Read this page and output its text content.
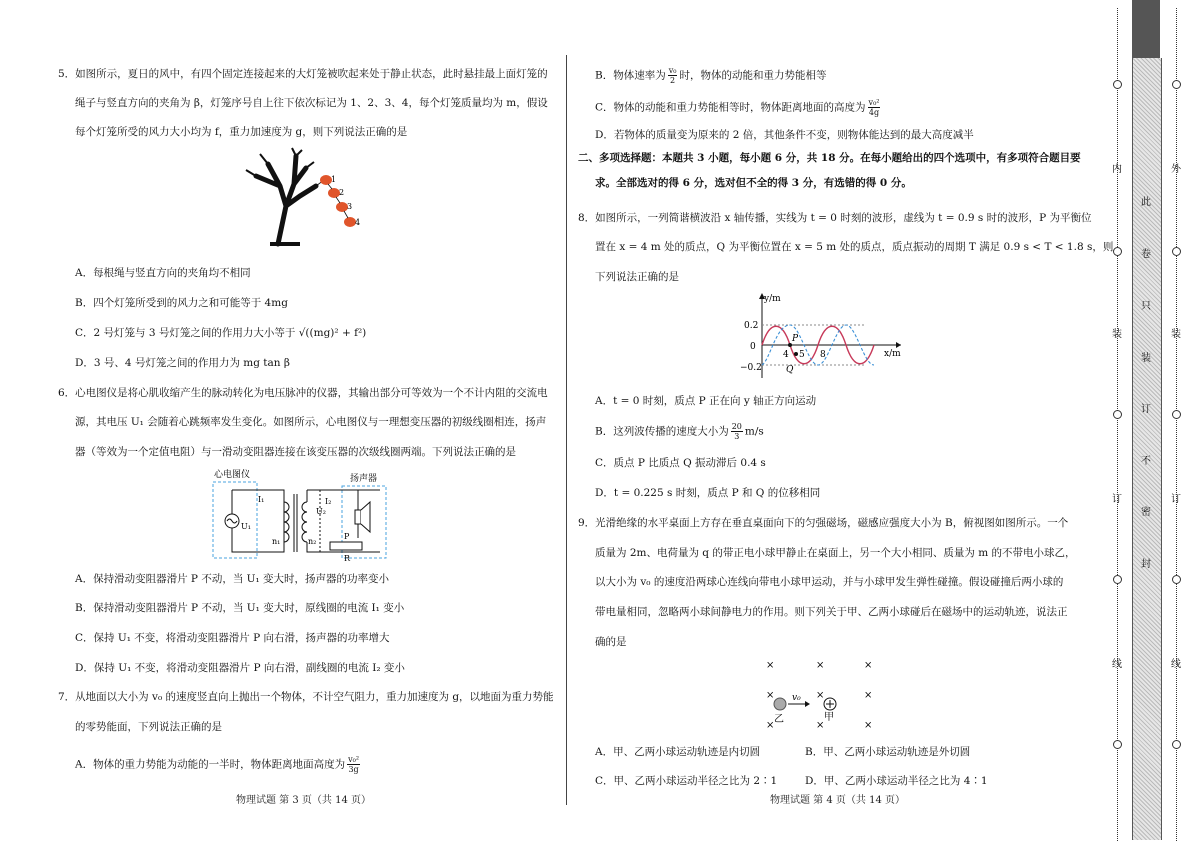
5．如图所示，夏日的风中，有四个固定连接起来的大灯笼被吹起来处于静止状态，此时悬挂最上面灯笼的
绳子与竖直方向的夹角为 β，灯笼序号自上往下依次标记为 1、2、3、4，每个灯笼质量均为 m，假设
每个灯笼所受的风力大小均为 f，重力加速度为 g，则下列说法正确的是
1
2
3
4
A．每根绳与竖直方向的夹角均不相同
B．四个灯笼所受到的风力之和可能等于 4mg
C．2 号灯笼与 3 号灯笼之间的作用力大小等于 √((mg)² + f²)
D．3 号、4 号灯笼之间的作用力为 mg tan β
6．心电图仪是将心肌收缩产生的脉动转化为电压脉冲的仪器，其输出部分可等效为一个不计内阻的交流电
源，其电压 U₁ 会随着心跳频率发生变化。如图所示，心电图仪与一理想变压器的初级线圈相连，扬声
器（等效为一个定值电阻）与一滑动变阻器连接在该变压器的次级线圈两端。下列说法正确的是
心电图仪	扬声器
U₁
I₁
n₁
U₂
I₂
n₂
P
R
A．保持滑动变阻器滑片 P 不动，当 U₁ 变大时，扬声器的功率变小
B．保持滑动变阻器滑片 P 不动，当 U₁ 变大时，原线圈的电流 I₁ 变小
C．保持 U₁ 不变，将滑动变阻器滑片 P 向右滑，扬声器的功率增大
D．保持 U₁ 不变，将滑动变阻器滑片 P 向右滑，副线圈的电流 I₂ 变小
7．从地面以大小为 v₀ 的速度竖直向上抛出一个物体，不计空气阻力，重力加速度为 g，以地面为重力势能
的零势能面，下列说法正确的是
A．物体的重力势能为动能的一半时，物体距离地面高度为 $\frac{\text{v₀²}}{3g}$
物理试题 第 3 页（共 14 页）
B．物体速率为 $\frac{\text{v₀}}{2}$ 时，物体的动能和重力势能相等
C．物体的动能和重力势能相等时，物体距离地面的高度为 $\frac{\text{v₀²}}{4g}$
D．若物体的质量变为原来的 2 倍，其他条件不变，则物体能达到的最大高度减半
二、多项选择题：本题共 3 小题，每小题 6 分，共 18 分。在每小题给出的四个选项中，有多项符合题目要
求。全部选对的得 6 分，选对但不全的得 3 分，有选错的得 0 分。
8．如图所示，一列简谐横波沿 x 轴传播，实线为 t = 0 时刻的波形，虚线为 t = 0.9 s 时的波形，P 为平衡位
置在 x = 4 m 处的质点，Q 为平衡位置在 x = 5 m 处的质点，质点振动的周期 T 满足 0.9 s < T < 1.8 s，则
下列说法正确的是
y/m
x/m
0.2
0
−0.2
P
Q
4 5 8
A．t = 0 时刻，质点 P 正在向 y 轴正方向运动
B．这列波传播的速度大小为 $\frac{20}{3} m/s$
C．质点 P 比质点 Q 振动滞后 0.4 s
D．t = 0.225 s 时刻，质点 P 和 Q 的位移相同
9．光滑绝缘的水平桌面上方存在垂直桌面向下的匀强磁场，磁感应强度大小为 B，俯视图如图所示。一个
质量为 2m、电荷量为 q 的带正电小球甲静止在桌面上，另一个大小相同、质量为 m 的不带电小球乙，
以大小为 v₀ 的速度沿两球心连线向带电小球甲运动，并与小球甲发生弹性碰撞。假设碰撞后两小球的
带电量相同，忽略两小球间静电力的作用。则下列关于甲、乙两小球碰后在磁场中的运动轨迹，说法正
确的是
×	×	×
×	×	×
×	×	×
v₀
乙	甲
A．甲、乙两小球运动轨迹是内切圆	B．甲、乙两小球运动轨迹是外切圆
C．甲、乙两小球运动半径之比为 2∶1	D．甲、乙两小球运动半径之比为 4∶1
物理试题 第 4 页（共 14 页）
内
装
订
线
外
装
订
线
此
卷
只
装
订
不
密
封
